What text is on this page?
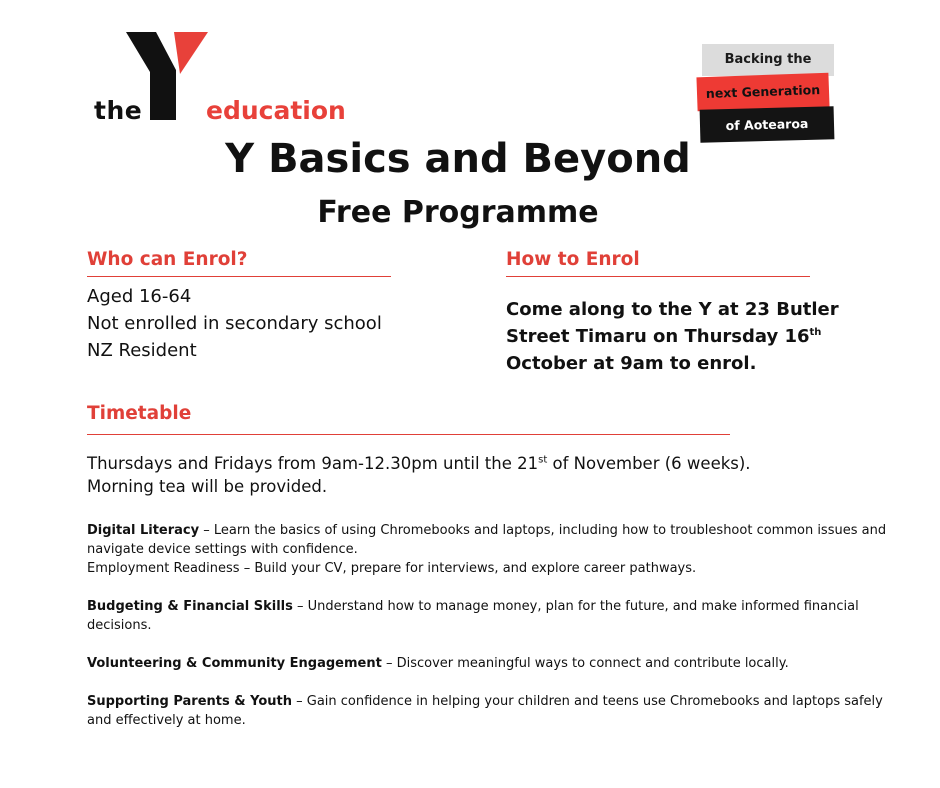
the	education
Backing the
next Generation
of Aotearoa
Y Basics and Beyond
Free Programme
Who can Enrol?
Aged 16-64
Not enrolled in secondary school
NZ Resident
How to Enrol
Come along to the Y at 23 Butler Street Timaru on Thursday 16th October at 9am to enrol.
Timetable
Thursdays and Fridays from 9am-12.30pm until the 21st of November (6 weeks).
Morning tea will be provided.
Digital Literacy – Learn the basics of using Chromebooks and laptops, including how to troubleshoot common issues and navigate device settings with confidence.
Employment Readiness – Build your CV, prepare for interviews, and explore career pathways.
Budgeting & Financial Skills – Understand how to manage money, plan for the future, and make informed financial decisions.
Volunteering & Community Engagement – Discover meaningful ways to connect and contribute locally.
Supporting Parents & Youth – Gain confidence in helping your children and teens use Chromebooks and laptops safely and effectively at home.
